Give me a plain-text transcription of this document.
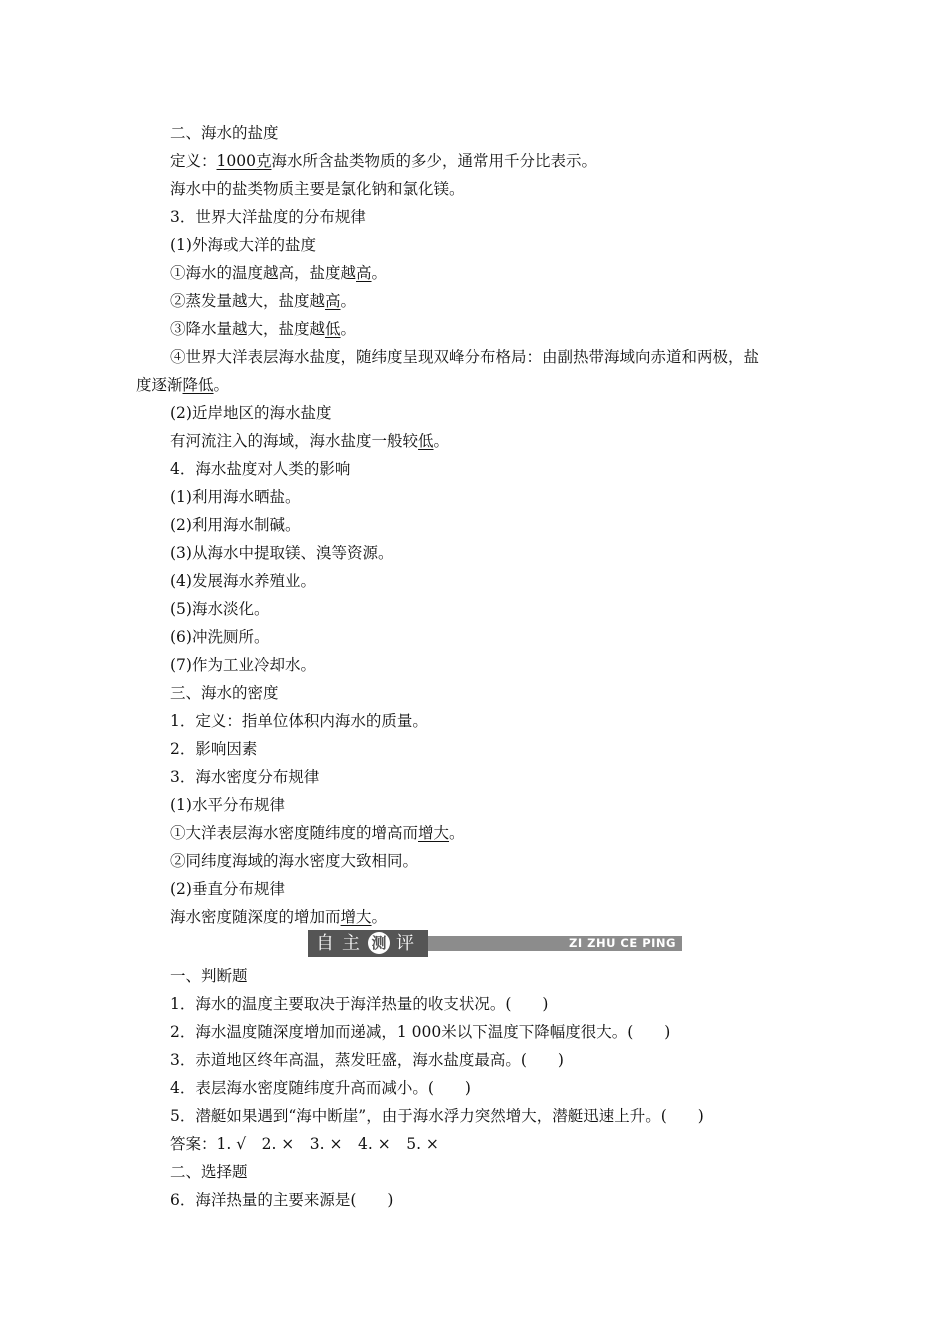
二、海水的盐度
定义：1000克海水所含盐类物质的多少，通常用千分比表示。
海水中的盐类物质主要是氯化钠和氯化镁。
3．世界大洋盐度的分布规律
(1)外海或大洋的盐度
①海水的温度越高，盐度越高。
②蒸发量越大，盐度越高。
③降水量越大，盐度越低。
④世界大洋表层海水盐度，随纬度呈现双峰分布格局：由副热带海域向赤道和两极，盐
度逐渐降低。
(2)近岸地区的海水盐度
有河流注入的海域，海水盐度一般较低。
4．海水盐度对人类的影响
(1)利用海水晒盐。
(2)利用海水制碱。
(3)从海水中提取镁、溴等资源。
(4)发展海水养殖业。
(5)海水淡化。
(6)冲洗厕所。
(7)作为工业冷却水。
三、海水的密度
1．定义：指单位体积内海水的质量。
2．影响因素
3．海水密度分布规律
(1)水平分布规律
①大洋表层海水密度随纬度的增高而增大。
②同纬度海域的海水密度大致相同。
(2)垂直分布规律
海水密度随深度的增加而增大。
自 主 测 评	ZI ZHU CE PING
一、判断题
1．海水的温度主要取决于海洋热量的收支状况。(　　)
2．海水温度随深度增加而递减，1 000米以下温度下降幅度很大。(　　)
3．赤道地区终年高温，蒸发旺盛，海水盐度最高。(　　)
4．表层海水密度随纬度升高而减小。(　　)
5．潜艇如果遇到“海中断崖”，由于海水浮力突然增大，潜艇迅速上升。(　　)
答案：1. √　2. ×　3. ×　4. ×　5. ×
二、选择题
6．海洋热量的主要来源是(　　)
